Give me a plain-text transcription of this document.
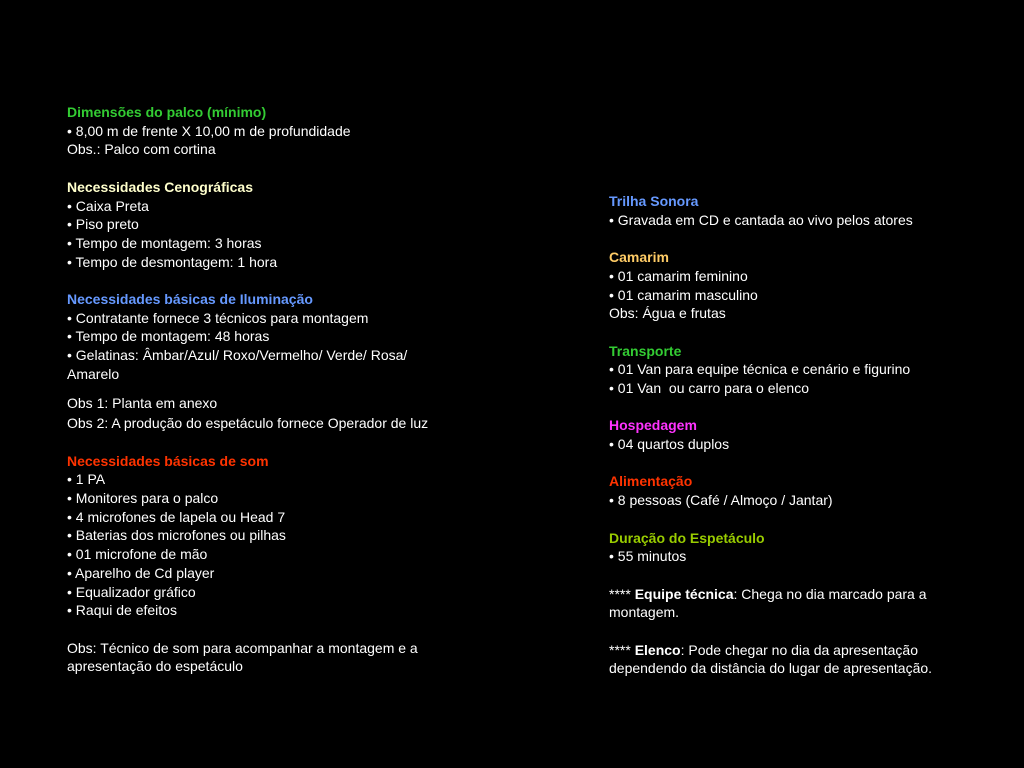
Dimensões do palco (mínimo)
• 8,00 m de frente X 10,00 m de profundidade
Obs.: Palco com cortina
Necessidades Cenográficas
• Caixa Preta
• Piso preto
• Tempo de montagem: 3 horas
• Tempo de desmontagem: 1 hora
Necessidades básicas de Iluminação
• Contratante fornece 3 técnicos para montagem
• Tempo de montagem: 48 horas
• Gelatinas: Âmbar/Azul/ Roxo/Vermelho/ Verde/ Rosa/ Amarelo
Obs 1: Planta em anexo
Obs 2: A produção do espetáculo fornece Operador de luz
Necessidades básicas de som
• 1 PA
• Monitores para o palco
• 4 microfones de lapela ou Head 7
• Baterias dos microfones ou pilhas
• 01 microfone de mão
• Aparelho de Cd player
• Equalizador gráfico
• Raqui de efeitos
Obs: Técnico de som para acompanhar a montagem e a apresentação do espetáculo
Trilha Sonora
• Gravada em CD e cantada ao vivo pelos atores
Camarim
• 01 camarim feminino
• 01 camarim masculino
Obs: Água e frutas
Transporte
• 01 Van para equipe técnica e cenário e figurino
• 01 Van  ou carro para o elenco
Hospedagem
• 04 quartos duplos
Alimentação
• 8 pessoas (Café / Almoço / Jantar)
Duração do Espetáculo
• 55 minutos
**** Equipe técnica: Chega no dia marcado para a montagem.
**** Elenco: Pode chegar no dia da apresentação dependendo da distância do lugar de apresentação.
